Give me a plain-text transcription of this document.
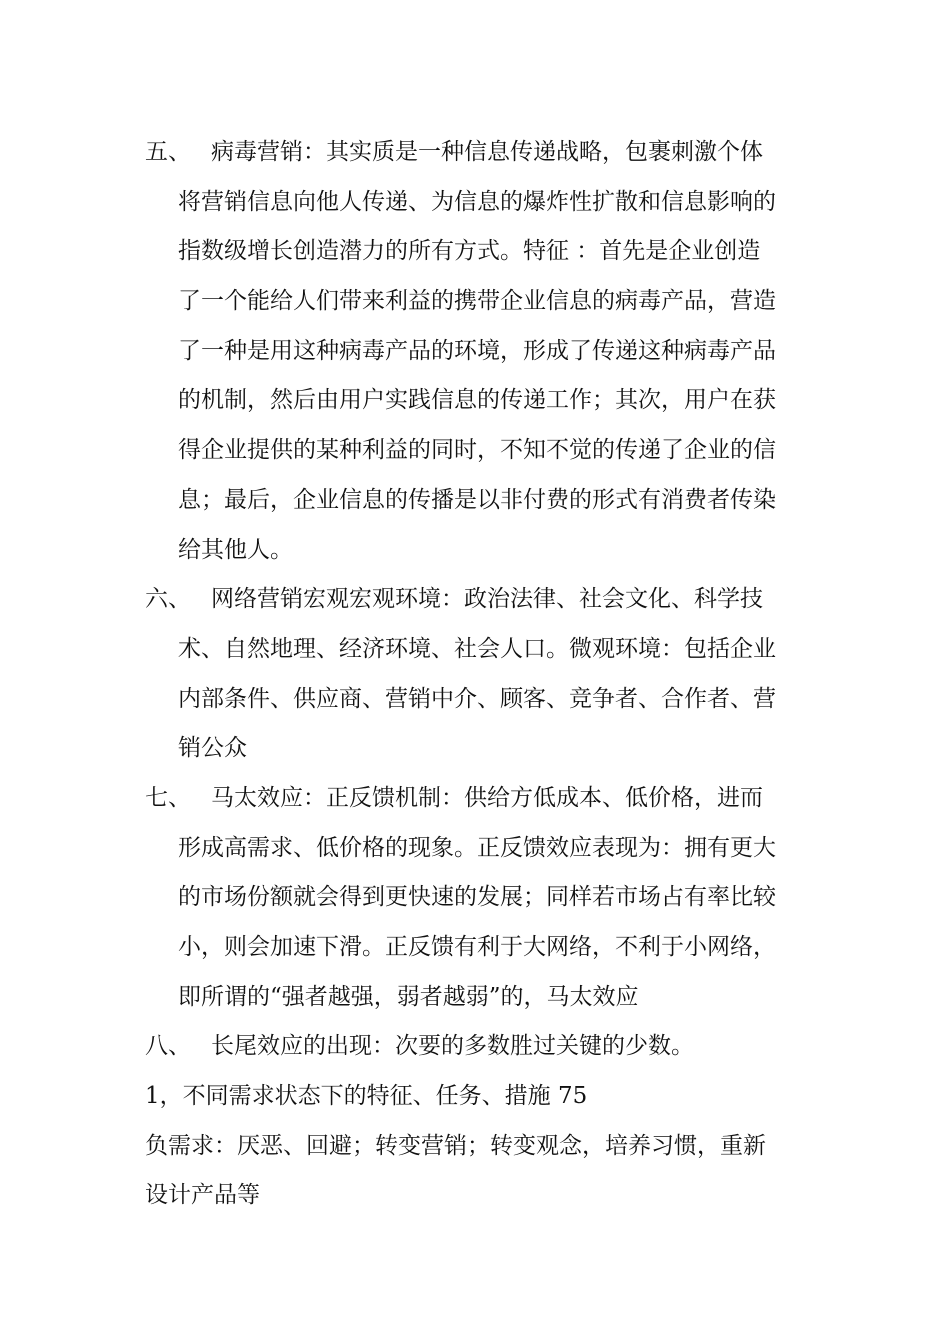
五、 病毒营销：其实质是一种信息传递战略，包裹刺激个体
将营销信息向他人传递、为信息的爆炸性扩散和信息影响的
指数级增长创造潜力的所有方式。特征 ：首先是企业创造
了一个能给人们带来利益的携带企业信息的病毒产品，营造
了一种是用这种病毒产品的环境，形成了传递这种病毒产品
的机制，然后由用户实践信息的传递工作；其次，用户在获
得企业提供的某种利益的同时，不知不觉的传递了企业的信
息；最后，企业信息的传播是以非付费的形式有消费者传染
给其他人。
六、 网络营销宏观宏观环境：政治法律、社会文化、科学技
术、自然地理、经济环境、社会人口。微观环境：包括企业
内部条件、供应商、营销中介、顾客、竞争者、合作者、营
销公众
七、 马太效应：正反馈机制：供给方低成本、低价格，进而
形成高需求、低价格的现象。正反馈效应表现为：拥有更大
的市场份额就会得到更快速的发展；同样若市场占有率比较
小，则会加速下滑。正反馈有利于大网络，不利于小网络，
即所谓的“强者越强，弱者越弱”的，马太效应
八、 长尾效应的出现：次要的多数胜过关键的少数。
1，不同需求状态下的特征、任务、措施 75
负需求：厌恶、回避；转变营销；转变观念，培养习惯，重新
设计产品等
